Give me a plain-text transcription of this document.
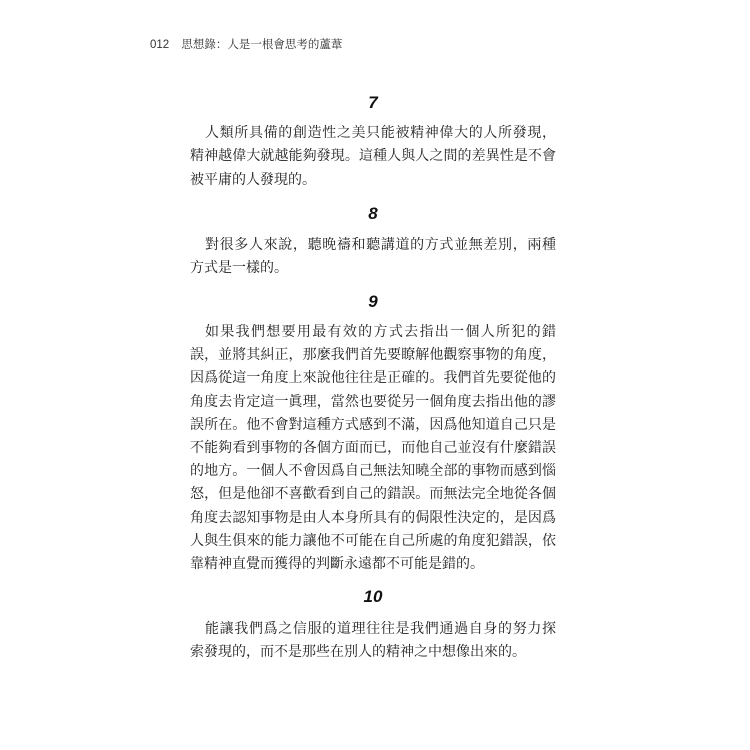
012 思想錄：人是一根會思考的蘆葦
7
人類所具備的創造性之美只能被精神偉大的人所發現，
精神越偉大就越能夠發現。這種人與人之間的差異性是不會
被平庸的人發現的。
8
對很多人來說，聽晚禱和聽講道的方式並無差別，兩種
方式是一樣的。
9
如果我們想要用最有效的方式去指出一個人所犯的錯
誤，並將其糾正，那麼我們首先要瞭解他觀察事物的角度，
因爲從這一角度上來說他往往是正確的。我們首先要從他的
角度去肯定這一眞理，當然也要從另一個角度去指出他的謬
誤所在。他不會對這種方式感到不滿，因爲他知道自己只是
不能夠看到事物的各個方面而已，而他自己並沒有什麼錯誤
的地方。一個人不會因爲自己無法知曉全部的事物而感到惱
怒，但是他卻不喜歡看到自己的錯誤。而無法完全地從各個
角度去認知事物是由人本身所具有的侷限性決定的，是因爲
人與生俱來的能力讓他不可能在自己所處的角度犯錯誤，依
靠精神直覺而獲得的判斷永遠都不可能是錯的。
10
能讓我們爲之信服的道理往往是我們通過自身的努力探
索發現的，而不是那些在別人的精神之中想像出來的。
